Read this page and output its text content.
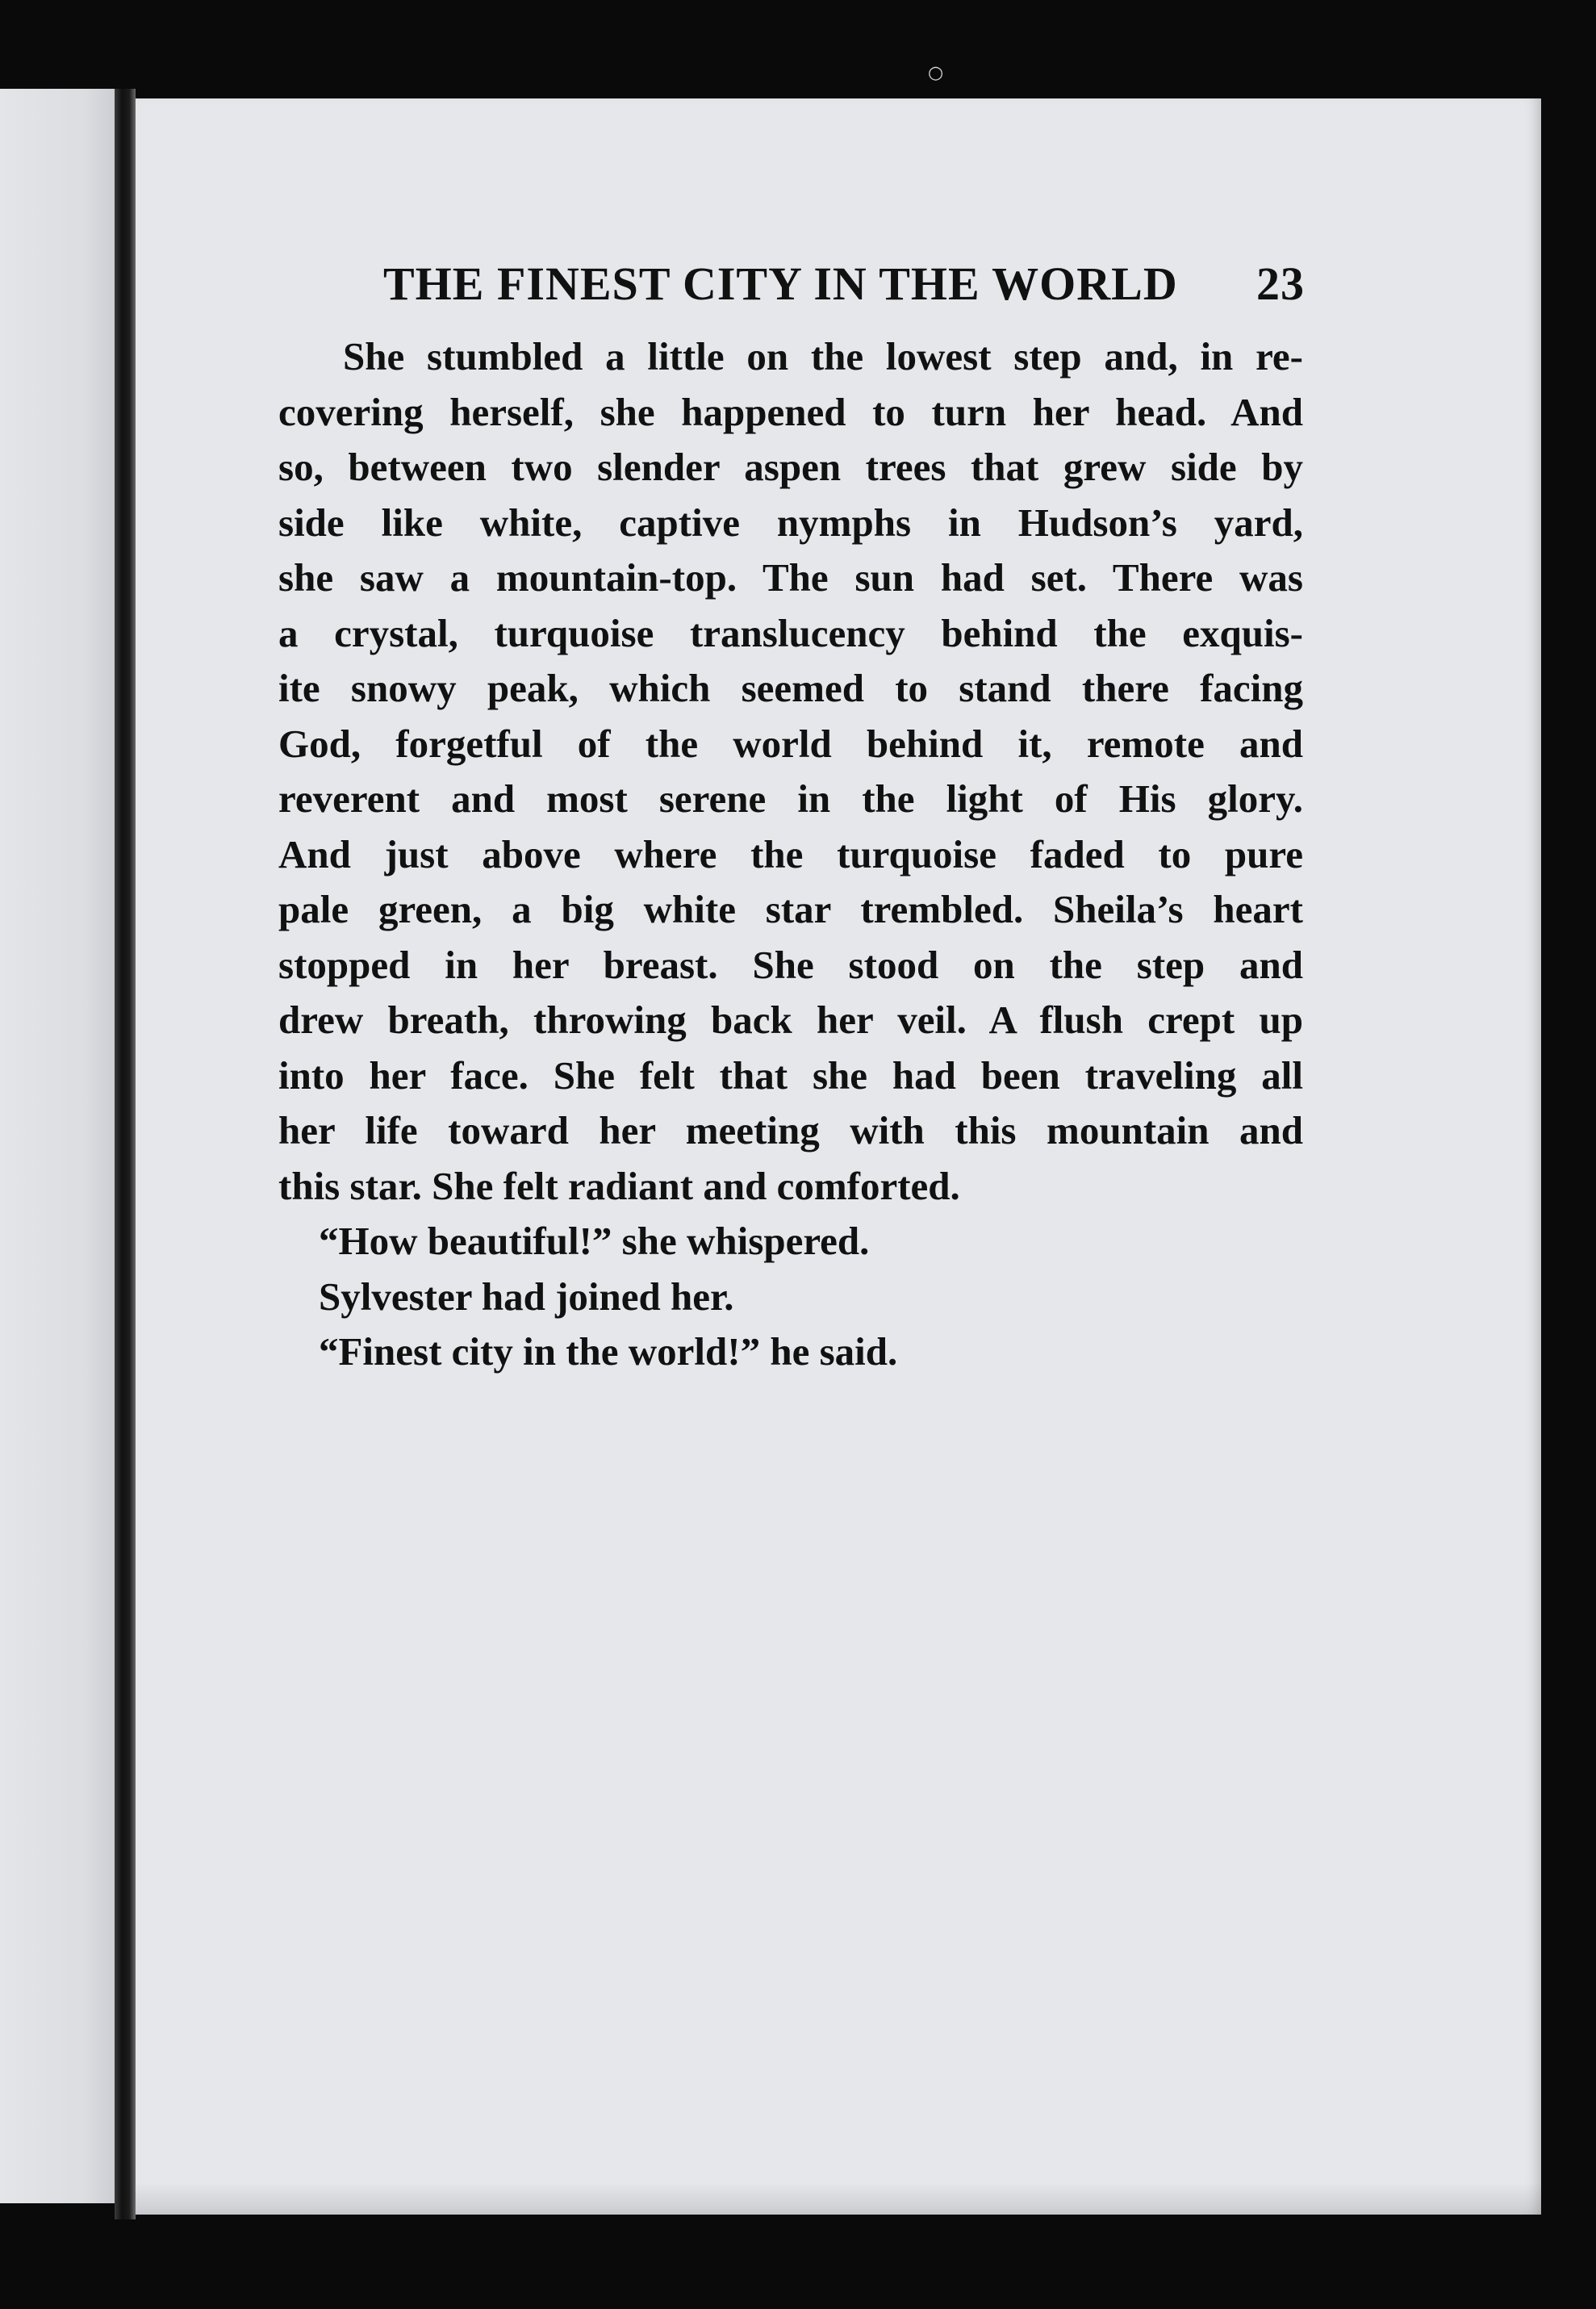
○
THE FINEST CITY IN THE WORLD 23
She stumbled a little on the lowest step and, in re-
covering herself, she happened to turn her head. And
so, between two slender aspen trees that grew side by
side like white, captive nymphs in Hudson’s yard,
she saw a mountain-top. The sun had set. There was
a crystal, turquoise translucency behind the exquis-
ite snowy peak, which seemed to stand there facing
God, forgetful of the world behind it, remote and
reverent and most serene in the light of His glory.
And just above where the turquoise faded to pure
pale green, a big white star trembled. Sheila’s heart
stopped in her breast. She stood on the step and
drew breath, throwing back her veil. A flush crept up
into her face. She felt that she had been traveling all
her life toward her meeting with this mountain and
this star. She felt radiant and comforted.
“How beautiful!” she whispered.
Sylvester had joined her.
“Finest city in the world!” he said.
